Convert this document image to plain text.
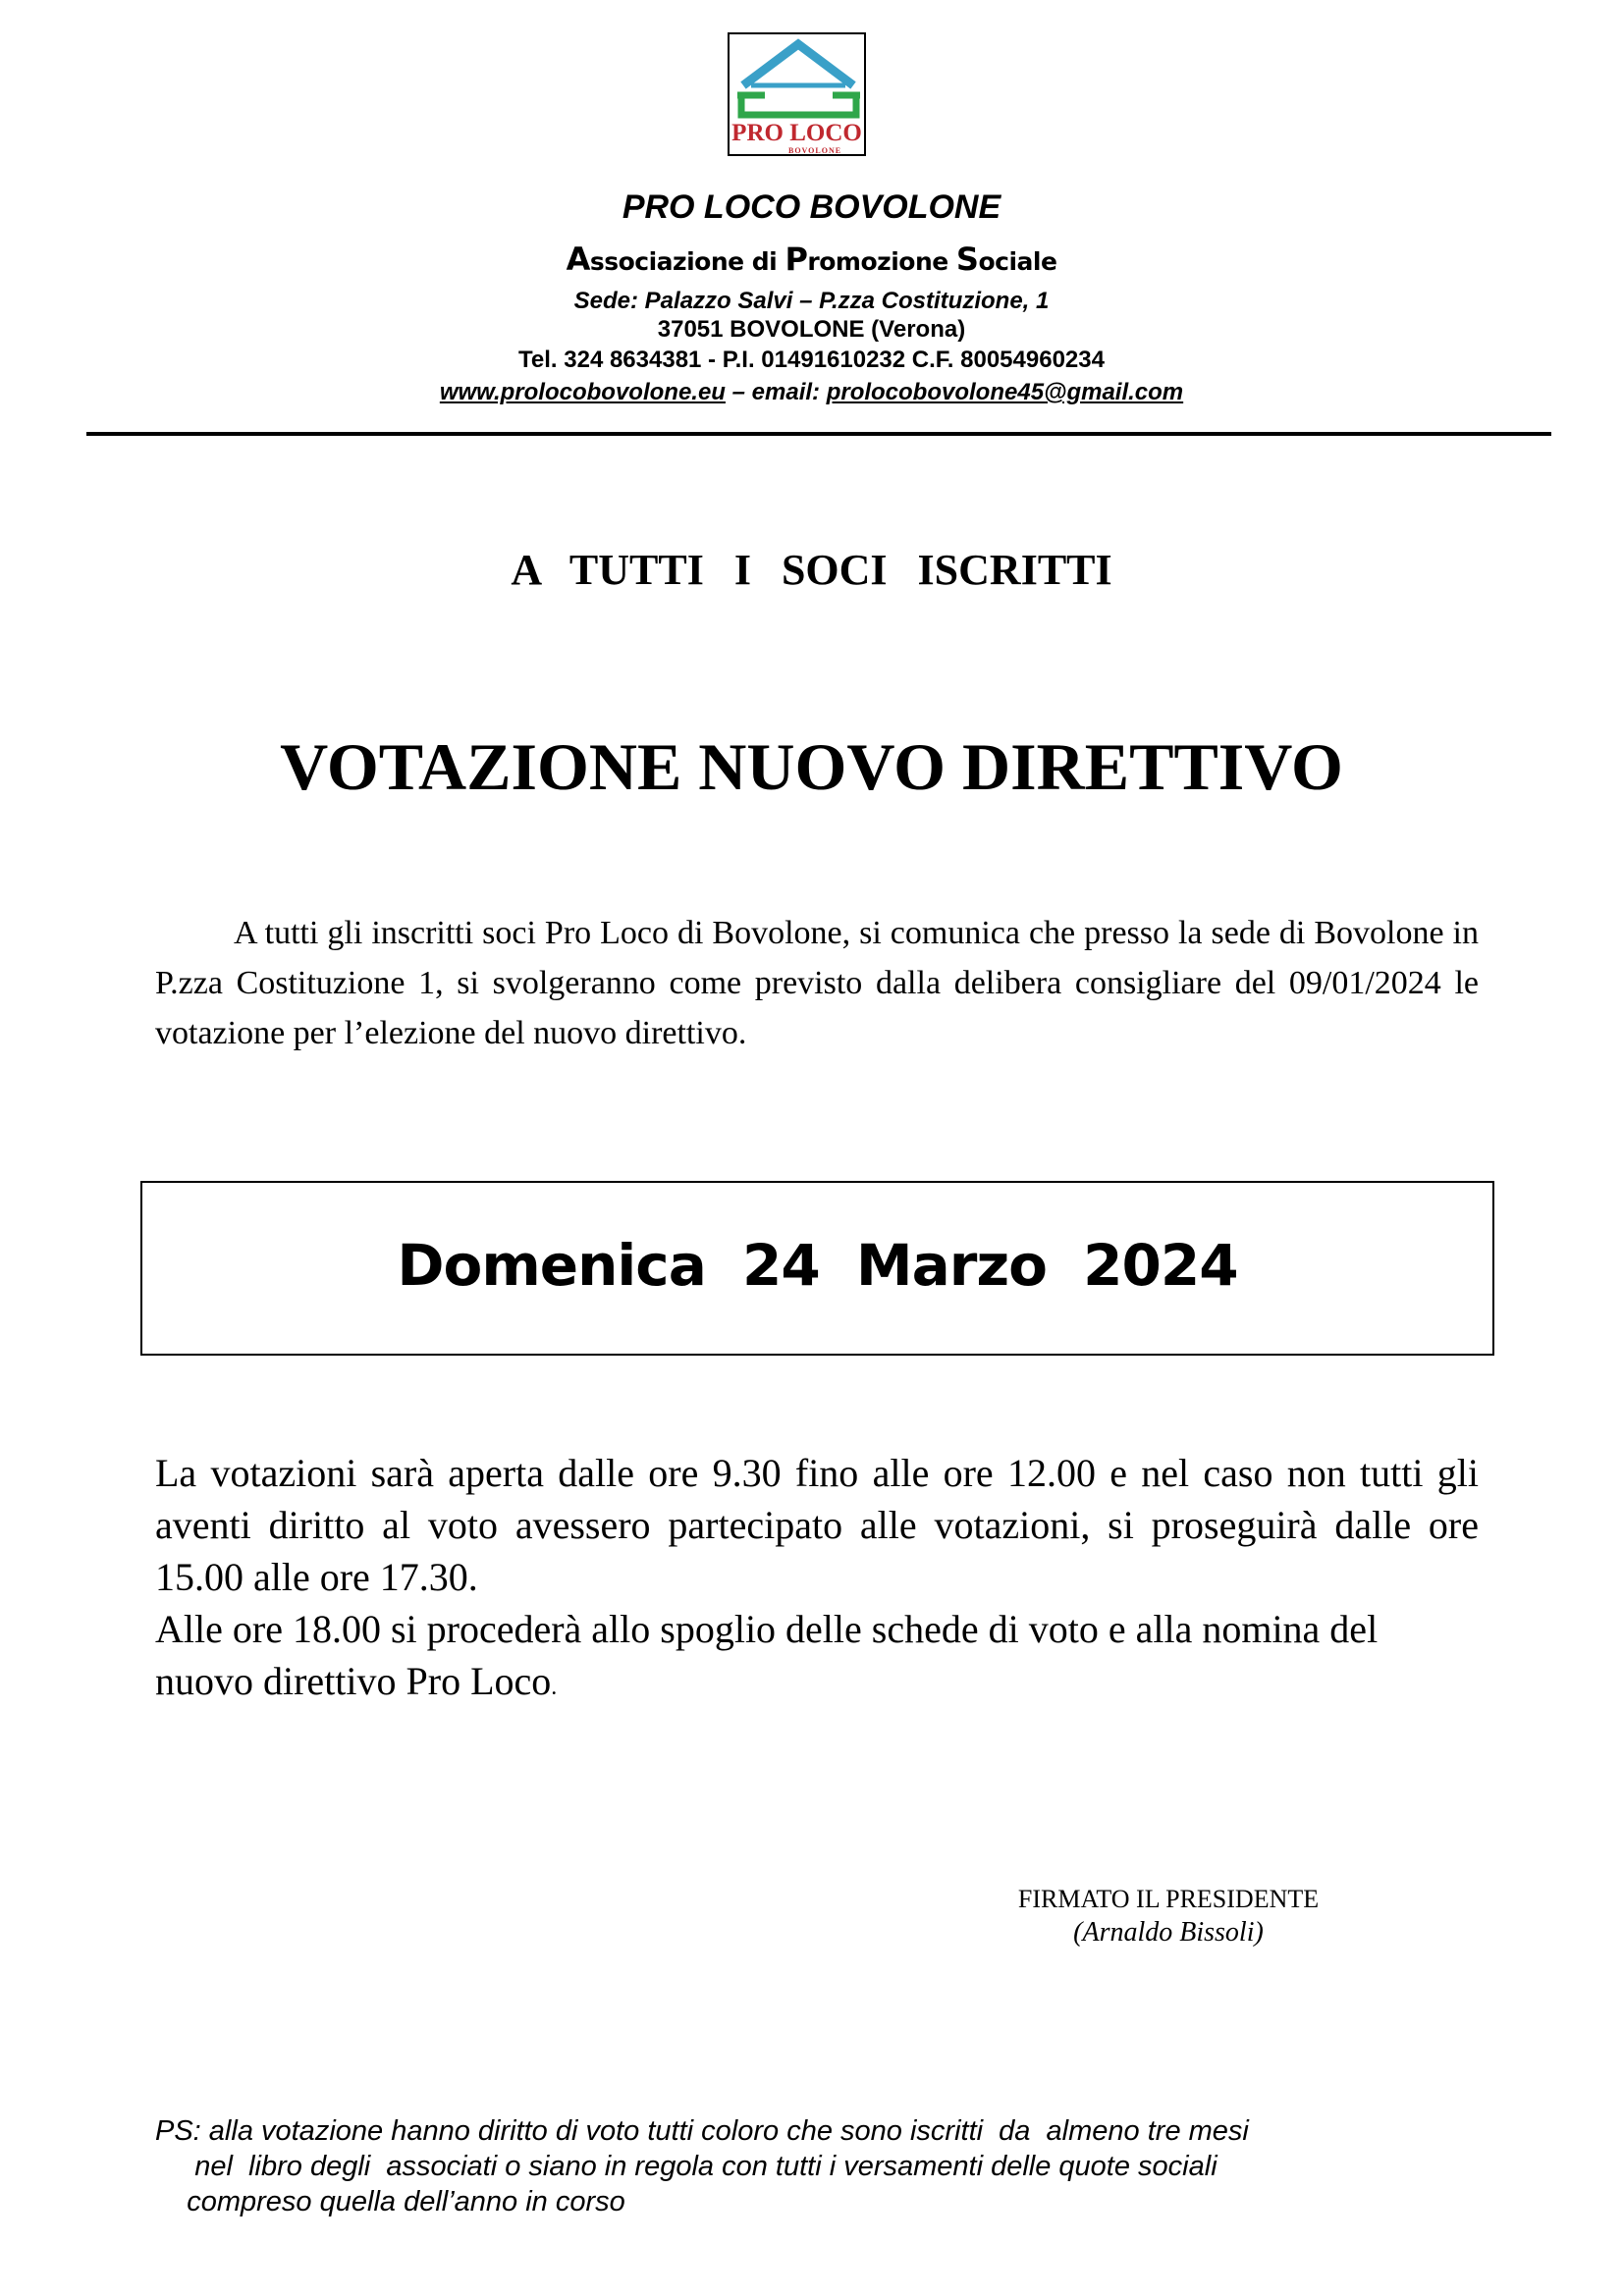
PRO LOCO
BOVOLONE
PRO LOCO BOVOLONE
Associazione di Promozione Sociale
Sede: Palazzo Salvi – P.zza Costituzione, 1
37051 BOVOLONE (Verona)
Tel. 324 8634381 - P.I. 01491610232 C.F. 80054960234
www.prolocobovolone.eu – email: prolocobovolone45@gmail.com
A TUTTI I SOCI ISCRITTI
VOTAZIONE NUOVO DIRETTIVO
A tutti gli inscritti soci Pro Loco di Bovolone, si comunica che presso la sede di Bovolone in P.zza Costituzione 1, si svolgeranno come previsto dalla delibera consigliare del 09/01/2024 le votazione per l’elezione del nuovo direttivo.
Domenica 24 Marzo 2024
La votazioni sarà aperta dalle ore 9.30 fino alle ore 12.00 e nel caso non tutti gli aventi diritto al voto avessero partecipato alle votazioni, si proseguirà dalle ore 15.00 alle ore 17.30.
Alle ore 18.00 si procederà allo spoglio delle schede di voto e alla nomina del nuovo direttivo Pro Loco.
FIRMATO IL PRESIDENTE
(Arnaldo Bissoli)
PS: alla votazione hanno diritto di voto tutti coloro che sono iscritti  da  almeno tre mesi
nel  libro degli  associati o siano in regola con tutti i versamenti delle quote sociali
compreso quella dell’anno in corso
